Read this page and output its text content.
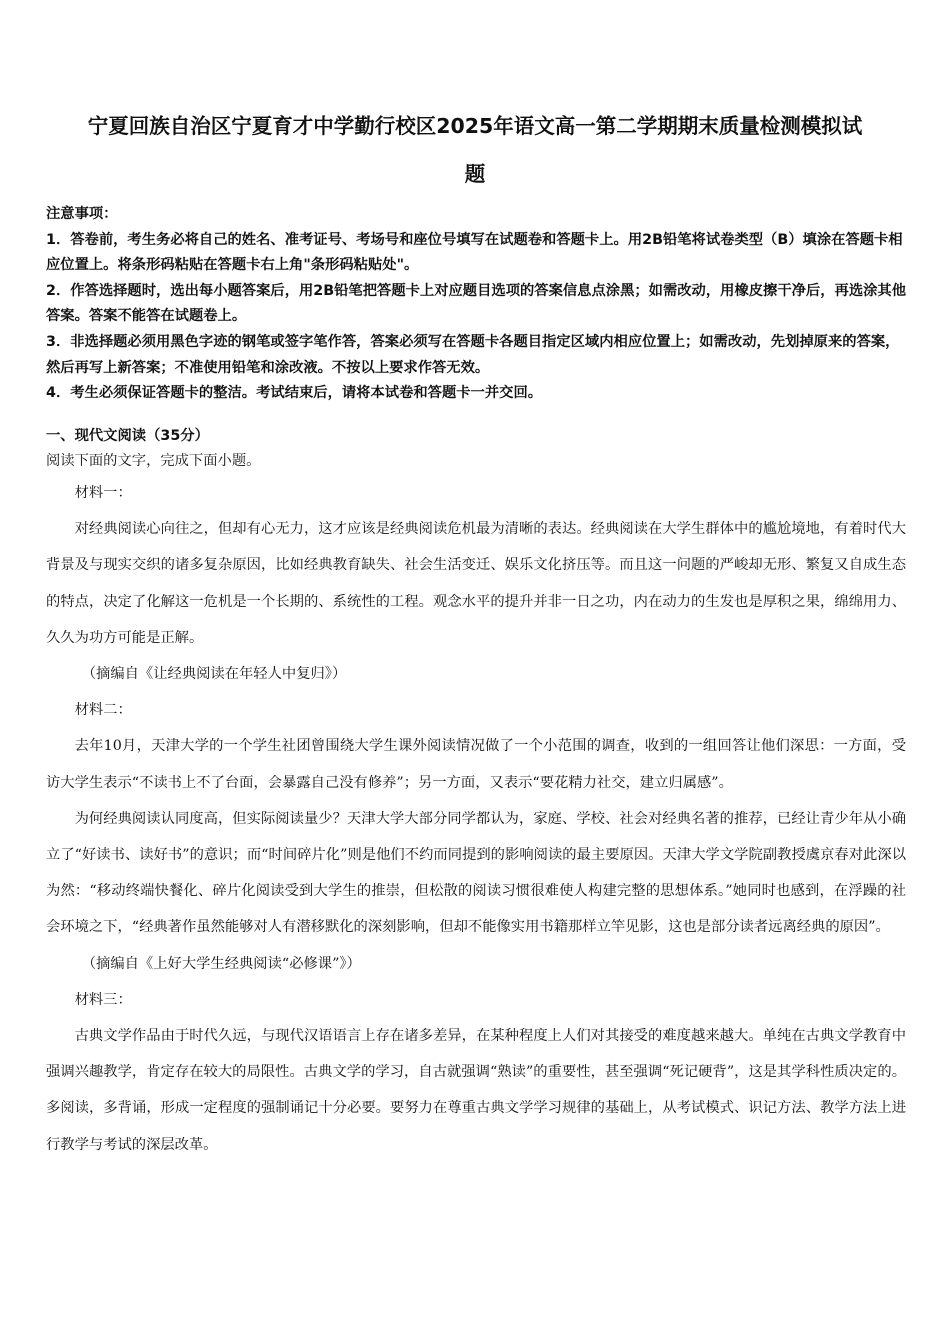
宁夏回族自治区宁夏育才中学勤行校区2025年语文高一第二学期期末质量检测模拟试
题

注意事项：

1．答卷前，考生务必将自己的姓名、准考证号、考场号和座位号填写在试题卷和答题卡上。用2B铅笔将试卷类型（B）填涂在答题卡相应位置上。将条形码粘贴在答题卡右上角"条形码粘贴处"。

2．作答选择题时，选出每小题答案后，用2B铅笔把答题卡上对应题目选项的答案信息点涂黑；如需改动，用橡皮擦干净后，再选涂其他答案。答案不能答在试题卷上。

3．非选择题必须用黑色字迹的钢笔或签字笔作答，答案必须写在答题卡各题目指定区域内相应位置上；如需改动，先划掉原来的答案，然后再写上新答案；不准使用铅笔和涂改液。不按以上要求作答无效。

4．考生必须保证答题卡的整洁。考试结束后，请将本试卷和答题卡一并交回。

一、现代文阅读（35分）

阅读下面的文字，完成下面小题。

材料一：

对经典阅读心向往之，但却有心无力，这才应该是经典阅读危机最为清晰的表达。经典阅读在大学生群体中的尴尬境地，有着时代大背景及与现实交织的诸多复杂原因，比如经典教育缺失、社会生活变迁、娱乐文化挤压等。而且这一问题的严峻却无形、繁复又自成生态的特点，决定了化解这一危机是一个长期的、系统性的工程。观念水平的提升并非一日之功，内在动力的生发也是厚积之果，绵绵用力、久久为功方可能是正解。

（摘编自《让经典阅读在年轻人中复归》）

材料二：

去年10月，天津大学的一个学生社团曾围绕大学生课外阅读情况做了一个小范围的调查，收到的一组回答让他们深思：一方面，受访大学生表示“不读书上不了台面，会暴露自己没有修养”；另一方面，又表示“要花精力社交，建立归属感”。

为何经典阅读认同度高，但实际阅读量少？天津大学大部分同学都认为，家庭、学校、社会对经典名著的推荐，已经让青少年从小确立了“好读书、读好书”的意识；而“时间碎片化”则是他们不约而同提到的影响阅读的最主要原因。天津大学文学院副教授虞京春对此深以为然：“移动终端快餐化、碎片化阅读受到大学生的推崇，但松散的阅读习惯很难使人构建完整的思想体系。”她同时也感到，在浮躁的社会环境之下，“经典著作虽然能够对人有潜移默化的深刻影响，但却不能像实用书籍那样立竿见影，这也是部分读者远离经典的原因”。

（摘编自《上好大学生经典阅读“必修课”》）

材料三：

古典文学作品由于时代久远，与现代汉语语言上存在诸多差异，在某种程度上人们对其接受的难度越来越大。单纯在古典文学教育中强调兴趣教学，肯定存在较大的局限性。古典文学的学习，自古就强调“熟读”的重要性，甚至强调“死记硬背”，这是其学科性质决定的。多阅读，多背诵，形成一定程度的强制诵记十分必要。要努力在尊重古典文学学习规律的基础上，从考试模式、识记方法、教学方法上进行教学与考试的深层改革。
